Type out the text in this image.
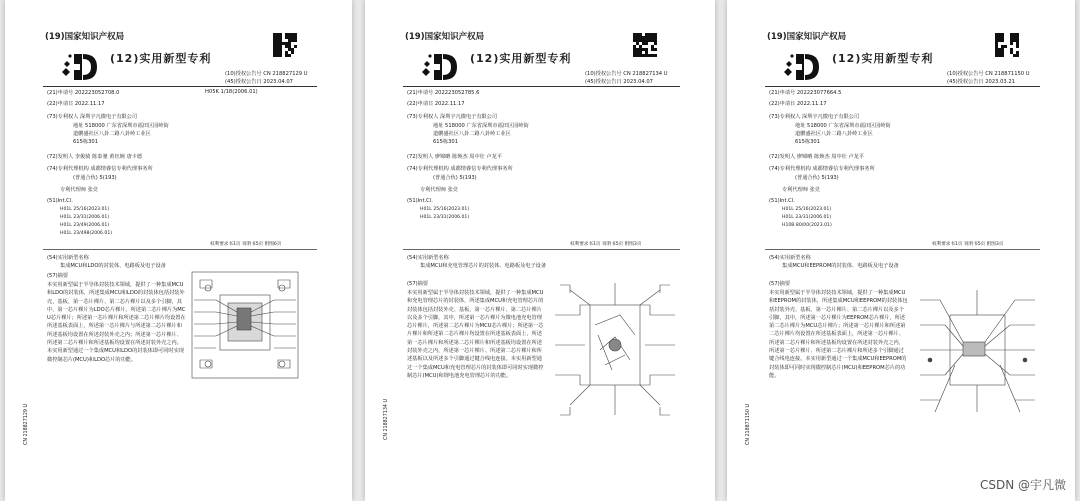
(19)国家知识产权局
(12)实用新型专利
(10)授权公告号 CN 218827129 U
(45)授权公告日 2023.04.07
(21)申请号 202223052708.0	H05K 1/18(2006.01)
(22)申请日 2022.11.17
(73)专利权人 深圳宇凡微电子有限公司
地址 518000 广东省深圳市福田区园岭街
道鹏盛社区八卦二路八卦岭工业区
615栋301
(72)发明人 李俊骑 陈泰驰 黄钰婉 唐卡德
(74)专利代理机构 成都情睿信专利代理事务所
(普通合伙) 5(193)
专利代理师 张竞
(51)Int.Cl.
H01L 25/16(2023.01)
H01L 23/31(2006.01)
H01L 23/49(2006.01)
H01L 23/498(2006.01)
权利要求书1页 说明书5页 附图6页
(54)实用新型名称
集成MCU和LDO的封装体、电路板及电子设备
(57)摘要
本实用新型属于半导体封装技术领域，提供了一种集成MCU和LDO的封装体，所述集成MCU和LDO的封装体包括封装外壳、基板、第一芯片裸片、第二芯片裸片以及多个引脚，其中，第一芯片裸片为LDO芯片裸片，所述第二芯片裸片为MCU芯片裸片；所述第一芯片裸片和所述第二芯片裸片均设置在所述基板表面上，所述第一芯片裸片与所述第二芯片裸片和所述基板均设置在所述封装外壳之内；所述第一芯片裸片、所述第二芯片裸片和所述基板均设置在所述封装外壳之内。本实用新型通过一个集成MCU和LDO的封装体即可同时实现微控制芯片(MCU)和LDO芯片的功能。
CN 218827129 U
(19)国家知识产权局
(12)实用新型专利
(10)授权公告号 CN 218827134 U
(45)授权公告日 2023.04.07
(21)申请号 202223052785.6
(22)申请日 2022.11.17
(73)专利权人 深圳宇凡微电子有限公司
地址 518000 广东省深圳市福田区园岭街
道鹏盛社区八卦二路八卦岭工业区
615栋301
(72)发明人 廖锦略 陈焕杰 周中壮 卢龙平
(74)专利代理机构 成都情睿信专利代理事务所
(普通合伙) 5(193)
专利代理师 张竞
(51)Int.Cl.
H01L 25/16(2023.01)
H01L 23/31(2006.01)
权利要求书1页 说明书5页 附图3页
(54)实用新型名称
集成MCU和充电管理芯片的封装体、电路板及电子设备
(57)摘要
本实用新型属于半导体封装技术领域，提供了一种集成MCU和充电管理芯片的封装体，所述集成MCU和充电管理芯片的封装体包括封装外壳、基板、第一芯片裸片、第二芯片裸片以及多个引脚，其中，所述第一芯片裸片为微电池充电管理芯片裸片，所述第二芯片裸片为MCU芯片裸片；所述第一芯片裸片和所述第二芯片裸片均设置在所述基板表面上，所述第一芯片裸片和所述第二芯片裸片和所述基板均设置在所述封装外壳之内，所述第一芯片裸片、所述第二芯片裸片和所述基板以及所述多个引脚通过键合线电连接。本实用新型通过一个集成MCU和充电管理芯片的封装体即可同时实现微控制芯片(MCU)和锂电池充电管理芯片的功能。
CN 218827134 U
(19)国家知识产权局
(12)实用新型专利
(10)授权公告号 CN 218871150 U
(45)授权公告日 2023.03.21
(21)申请号 202223077664.5
(22)申请日 2022.11.17
(73)专利权人 深圳宇凡微电子有限公司
地址 518000 广东省深圳市福田区园岭街
道鹏盛社区八卦二路八卦岭工业区
615栋301
(72)发明人 廖锦略 陈焕杰 周中壮 卢龙平
(74)专利代理机构 成都情睿信专利代理事务所
(普通合伙) 5(193)
专利代理师 张竞
(51)Int.Cl.
H01L 25/16(2023.01)
H01L 23/31(2006.01)
H10B 80/00(2023.01)
权利要求书1页 说明书5页 附图3页
(54)实用新型名称
集成MCU和EEPROM的封装体、电路板及电子设备
(57)摘要
本实用新型属于半导体封装技术领域，提供了一种集成MCU和EEPROM的封装体，所述集成MCU和EEPROM的封装体包括封装外壳、基板、第一芯片裸片、第二芯片裸片以及多个引脚，其中，所述第一芯片裸片为EEPROM芯片裸片，所述第二芯片裸片为MCU芯片裸片；所述第一芯片裸片和所述第二芯片裸片均设置在所述基板表面上，所述第一芯片裸片、所述第二芯片裸片和所述基板均设置在所述封装外壳之内，所述第一芯片裸片、所述第二芯片裸片和所述多个引脚通过键合线电连接。本实用新型通过一个集成MCU和EEPROM的封装体即可同时实现微控制芯片(MCU)和EEPROM芯片的功能。
CN 218871150 U
CSDN @宇凡微
